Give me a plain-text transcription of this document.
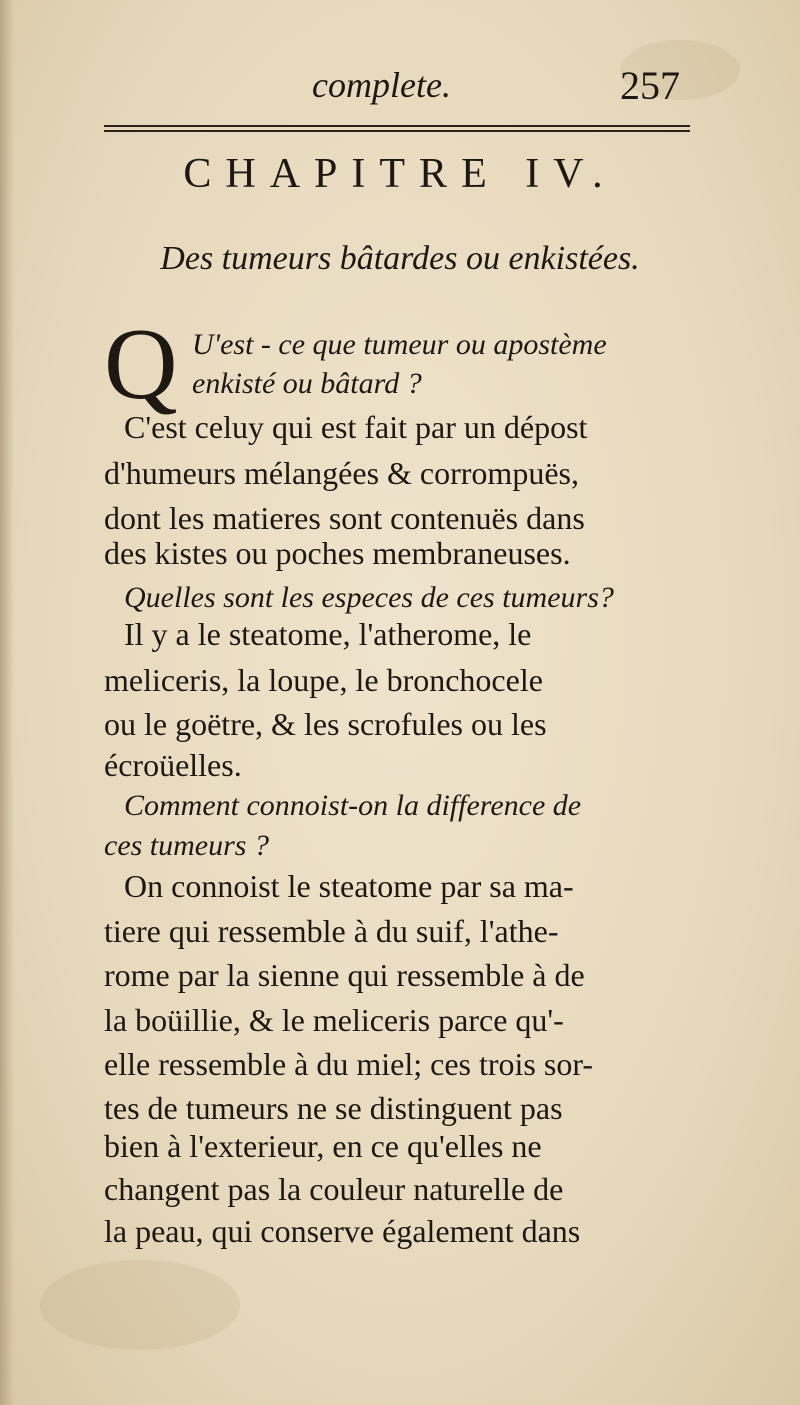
complete.	257
CHAPITRE IV.
Des tumeurs bâtardes ou enkistées.
Q U'est - ce que tumeur ou apostème
enkisté ou bâtard ?
C'est celuy qui est fait par un dépost
d'humeurs mélangées & corrompuës,
dont les matieres sont contenuës dans
des kistes ou poches membraneuses.
Quelles sont les especes de ces tumeurs?
Il y a le steatome, l'atherome, le
meliceris, la loupe, le bronchocele
ou le goëtre, & les scrofules ou les
écroüelles.
Comment connoist-on la difference de
ces tumeurs ?
On connoist le steatome par sa ma-
tiere qui ressemble à du suif, l'athe-
rome par la sienne qui ressemble à de
la boüillie, & le meliceris parce qu'-
elle ressemble à du miel; ces trois sor-
tes de tumeurs ne se distinguent pas
bien à l'exterieur, en ce qu'elles ne
changent pas la couleur naturelle de
la peau, qui conserve également dans
